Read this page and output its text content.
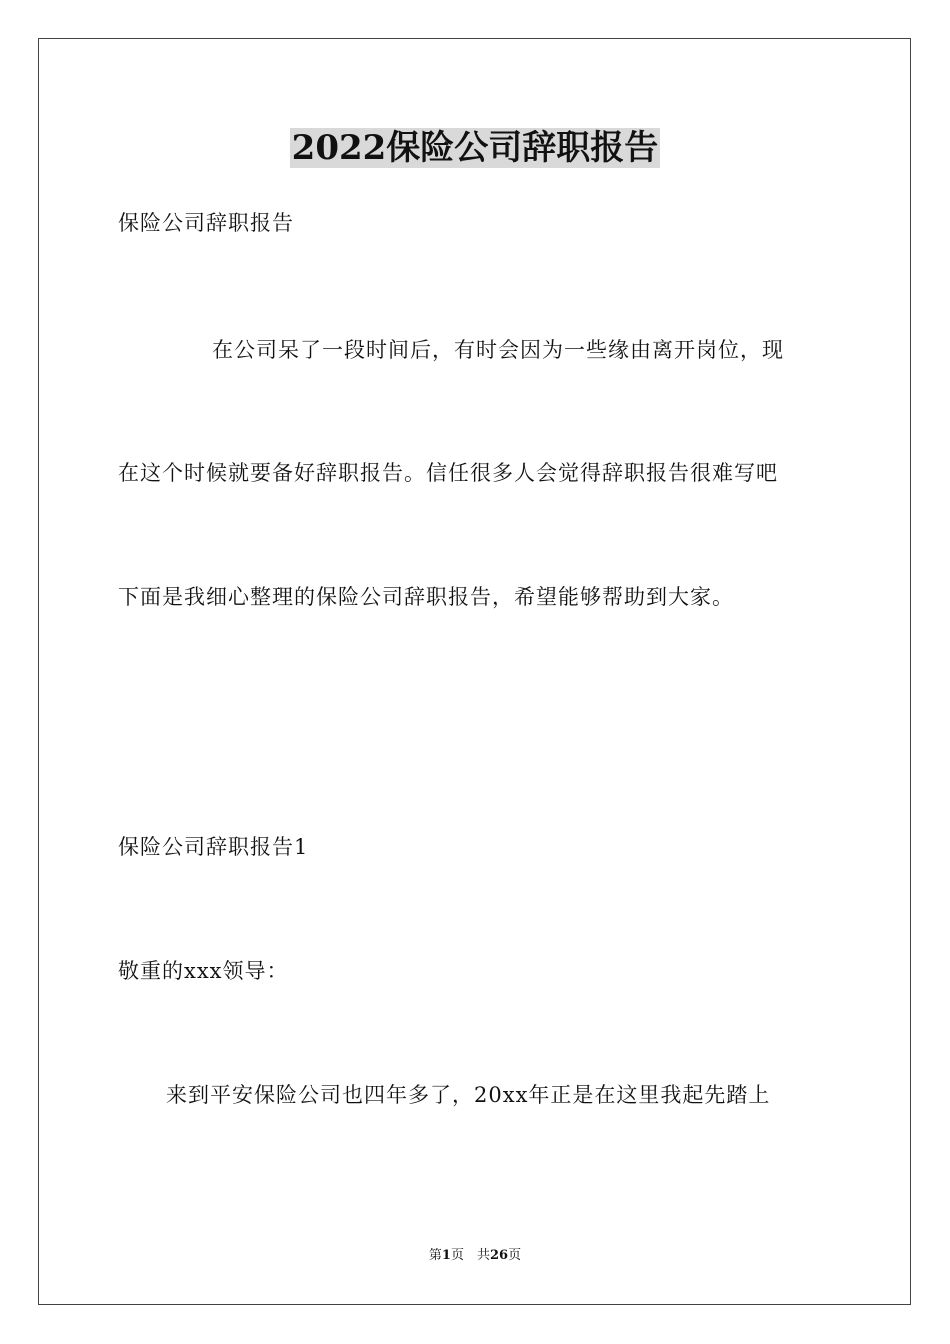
2022保险公司辞职报告
保险公司辞职报告
在公司呆了一段时间后，有时会因为一些缘由离开岗位，现
在这个时候就要备好辞职报告。信任很多人会觉得辞职报告很难写吧
下面是我细心整理的保险公司辞职报告，希望能够帮助到大家。
保险公司辞职报告1
敬重的xxx领导：
来到平安保险公司也四年多了，20xx年正是在这里我起先踏上
第1页　共26页
